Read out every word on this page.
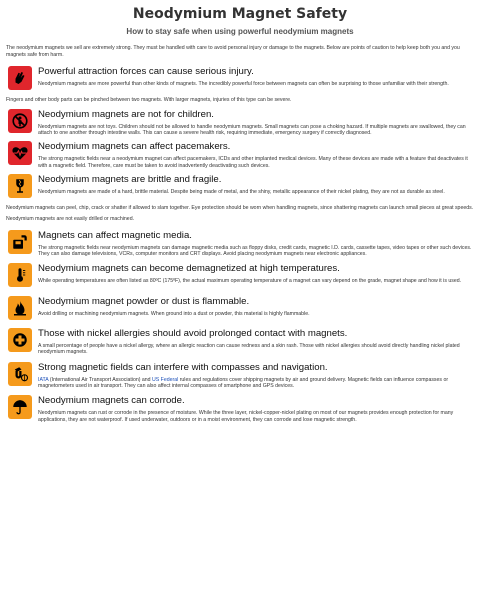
Neodymium Magnet Safety
How to stay safe when using powerful neodymium magnets
The neodymium magnets we sell are extremely strong. They must be handled with care to avoid personal injury or damage to the magnets. Below are points of caution to help keep both you and you magnets safe from harm.
Powerful attraction forces can cause serious injury.
Neodymium magnets are more powerful than other kinds of magnets. The incredibly powerful force between magnets can often be surprising to those unfamiliar with their strength.
Fingers and other body parts can be pinched between two magnets. With larger magnets, injuries of this type can be severe.
Neodymium magnets are not for children.
Neodymium magnets are not toys. Children should not be allowed to handle neodymium magnets. Small magnets can pose a choking hazard. If multiple magnets are swallowed, they can attach to one another through intestine walls. This can cause a severe health risk, requiring immediate, emergency surgery if correctly diagnosed.
Neodymium magnets can affect pacemakers.
The strong magnetic fields near a neodymium magnet can affect pacemakers, ICDs and other implanted medical devices. Many of these devices are made with a feature that deactivates it with a magnetic field. Therefore, care must be taken to avoid inadvertently deactivating such devices.
Neodymium magnets are brittle and fragile.
Neodymium magnets are made of a hard, brittle material. Despite being made of metal, and the shiny, metallic appearance of their nickel plating, they are not as durable as steel.
Neodymium magnets can peel, chip, crack or shatter if allowed to slam together. Eye protection should be worn when handling magnets, since shattering magnets can launch small pieces at great speeds.
Neodymium magnets are not easily drilled or machined.
Magnets can affect magnetic media.
The strong magnetic fields near neodymium magnets can damage magnetic media such as floppy disks, credit cards, magnetic I.D. cards, cassette tapes, video tapes or other such devices. They can also damage televisions, VCRs, computer monitors and CRT displays. Avoid placing neodymium magnets near electronic appliances.
Neodymium magnets can become demagnetized at high temperatures.
While operating temperatures are often listed as 80ºC (175ºF), the actual maximum operating temperature of a magnet can vary depend on the grade, magnet shape and how it is used.
Neodymium magnet powder or dust is flammable.
Avoid drilling or machining neodymium magnets. When ground into a dust or powder, this material is highly flammable.
Those with nickel allergies should avoid prolonged contact with magnets.
A small percentage of people have a nickel allergy, where an allergic reaction can cause redness and a skin rash. Those with nickel allergies should avoid directly handling nickel plated neodymium magnets.
Strong magnetic fields can interfere with compasses and navigation.
IATA (International Air Transport Association) and US Federal rules and regulations cover shipping magnets by air and ground delivery. Magnetic fields can influence compasses or magnetometers used in air transport. They can also affect internal compasses of smartphone and GPS devices.
Neodymium magnets can corrode.
Neodymium magnets can rust or corrode in the presence of moisture. While the three layer, nickel-copper-nickel plating on most of our magnets provides enough protection for many applications, they are not waterproof. If used underwater, outdoors or in a moist environment, they can corrode and lose magnetic strength.
